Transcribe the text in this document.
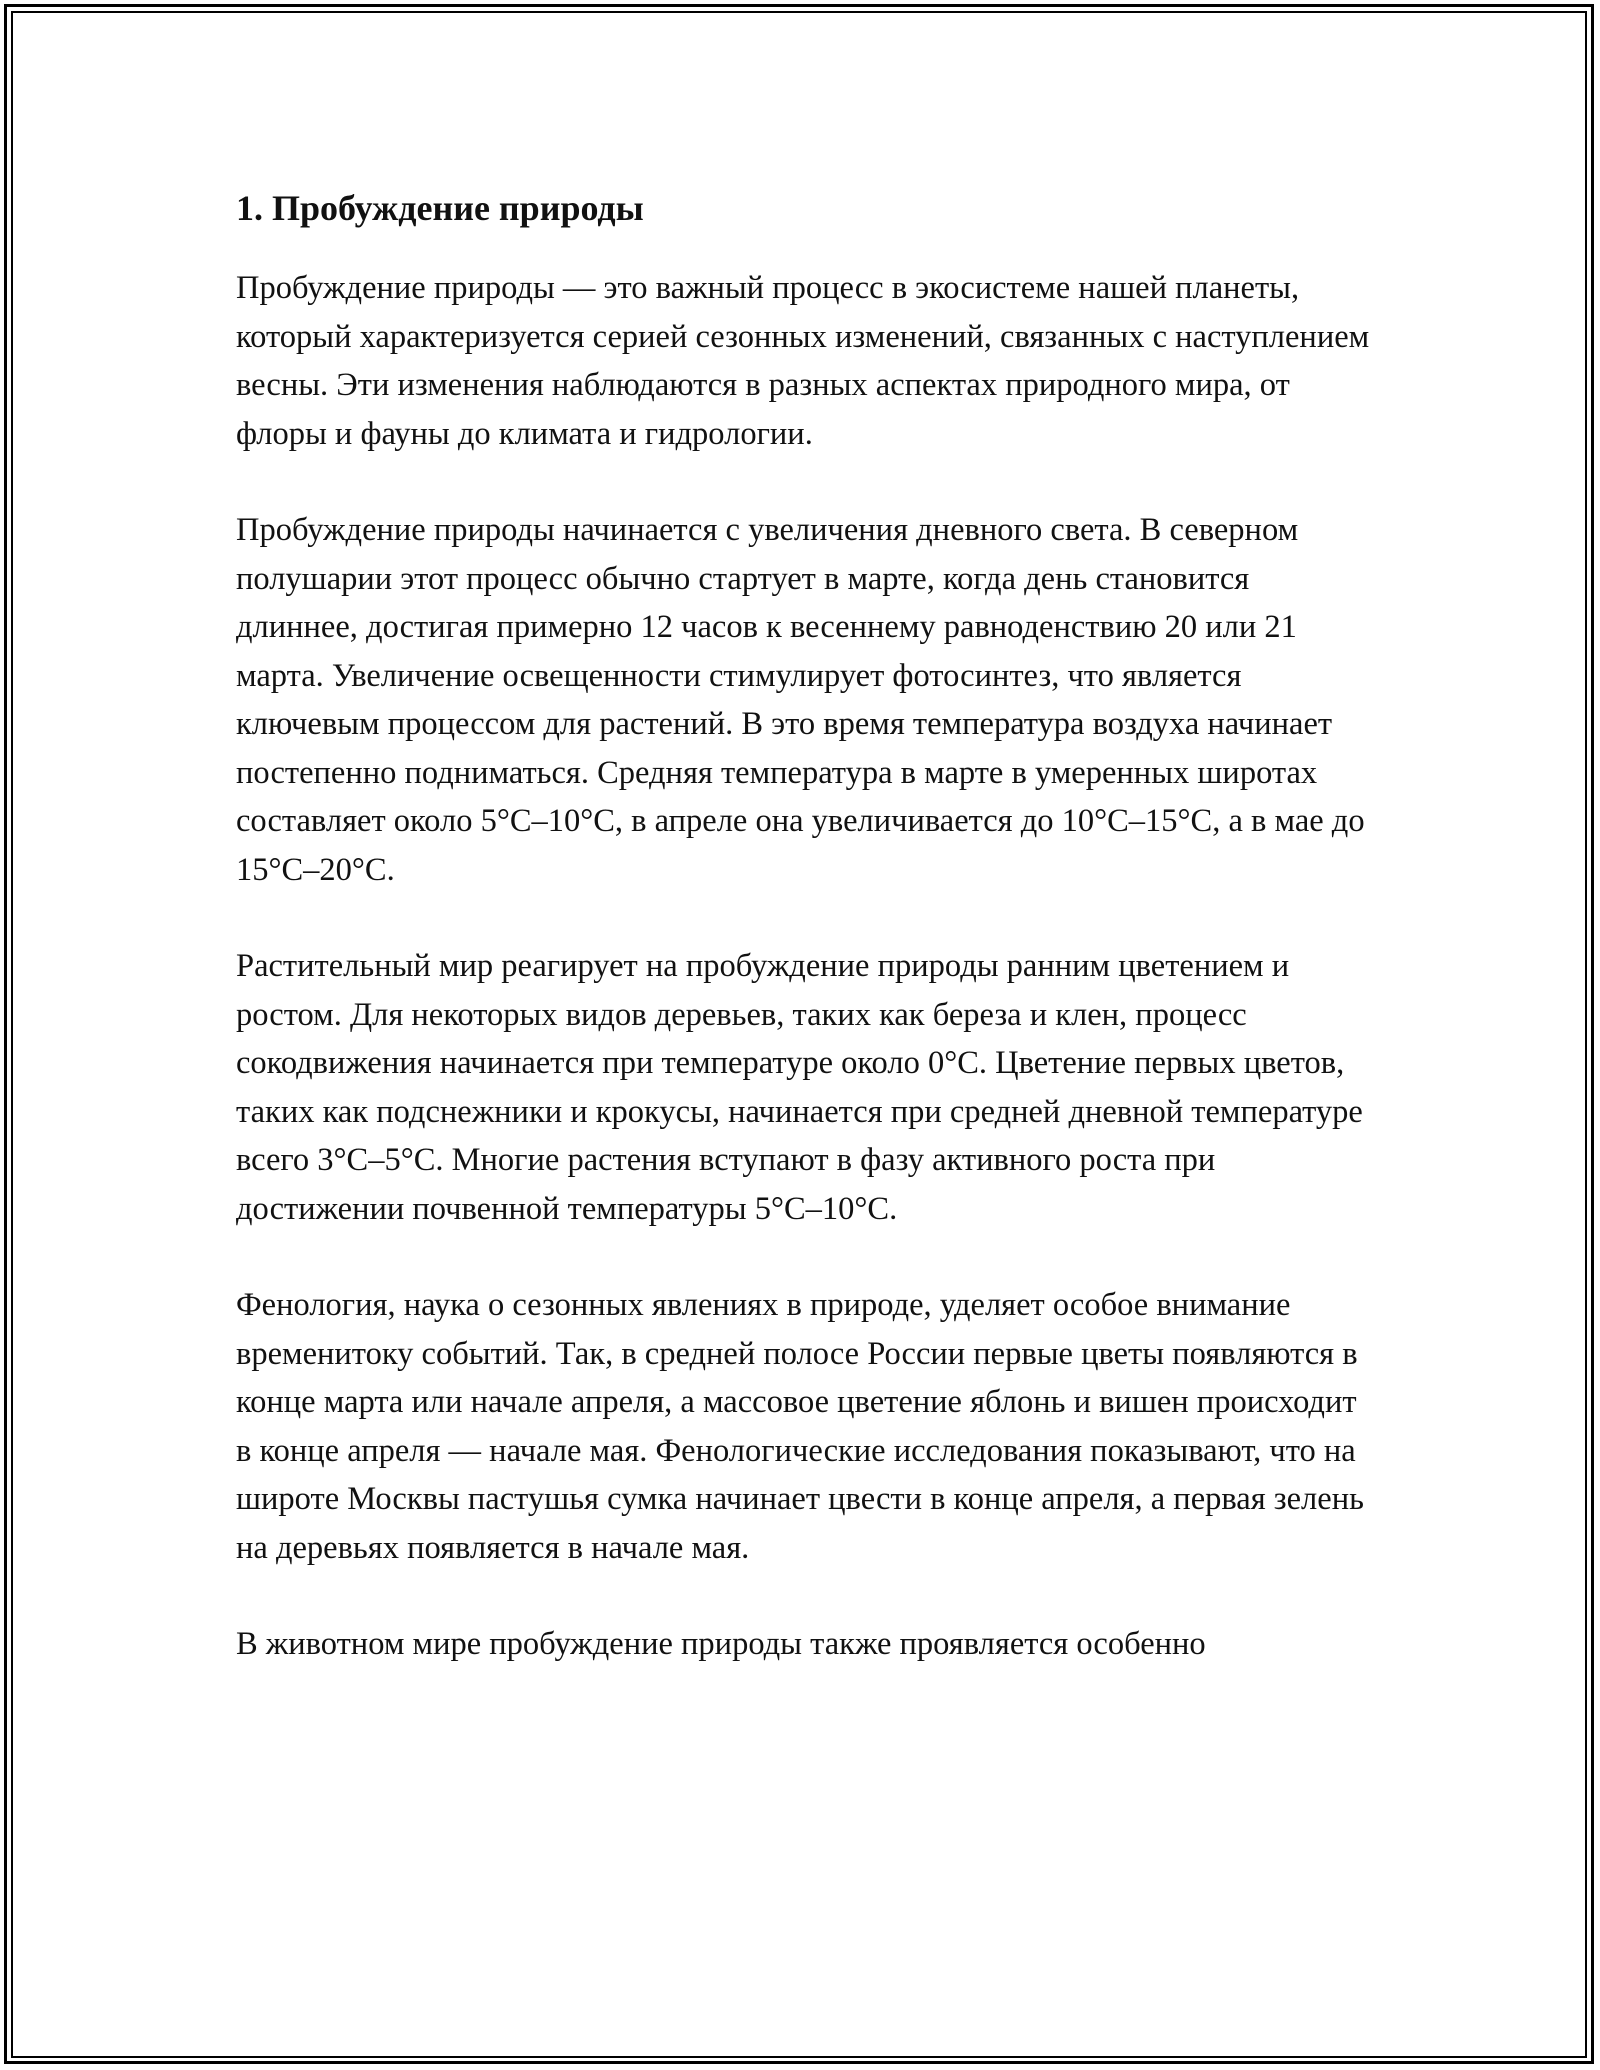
1. Пробуждение природы

Пробуждение природы — это важный процесс в экосистеме нашей планеты, который характеризуется серией сезонных изменений, связанных с наступлением весны. Эти изменения наблюдаются в разных аспектах природного мира, от флоры и фауны до климата и гидрологии.

Пробуждение природы начинается с увеличения дневного света. В северном полушарии этот процесс обычно стартует в марте, когда день становится длиннее, достигая примерно 12 часов к весеннему равноденствию 20 или 21 марта. Увеличение освещенности стимулирует фотосинтез, что является ключевым процессом для растений. В это время температура воздуха начинает постепенно подниматься. Средняя температура в марте в умеренных широтах составляет около 5°C–10°C, в апреле она увеличивается до 10°C–15°C, а в мае до 15°C–20°C.

Растительный мир реагирует на пробуждение природы ранним цветением и ростом. Для некоторых видов деревьев, таких как береза и клен, процесс сокодвижения начинается при температуре около 0°C. Цветение первых цветов, таких как подснежники и крокусы, начинается при средней дневной температуре всего 3°C–5°C. Многие растения вступают в фазу активного роста при достижении почвенной температуры 5°C–10°C.

Фенология, наука о сезонных явлениях в природе, уделяет особое внимание временитоку событий. Так, в средней полосе России первые цветы появляются в конце марта или начале апреля, а массовое цветение яблонь и вишен происходит в конце апреля — начале мая. Фенологические исследования показывают, что на широте Москвы пастушья сумка начинает цвести в конце апреля, а первая зелень на деревьях появляется в начале мая.

В животном мире пробуждение природы также проявляется особенно
